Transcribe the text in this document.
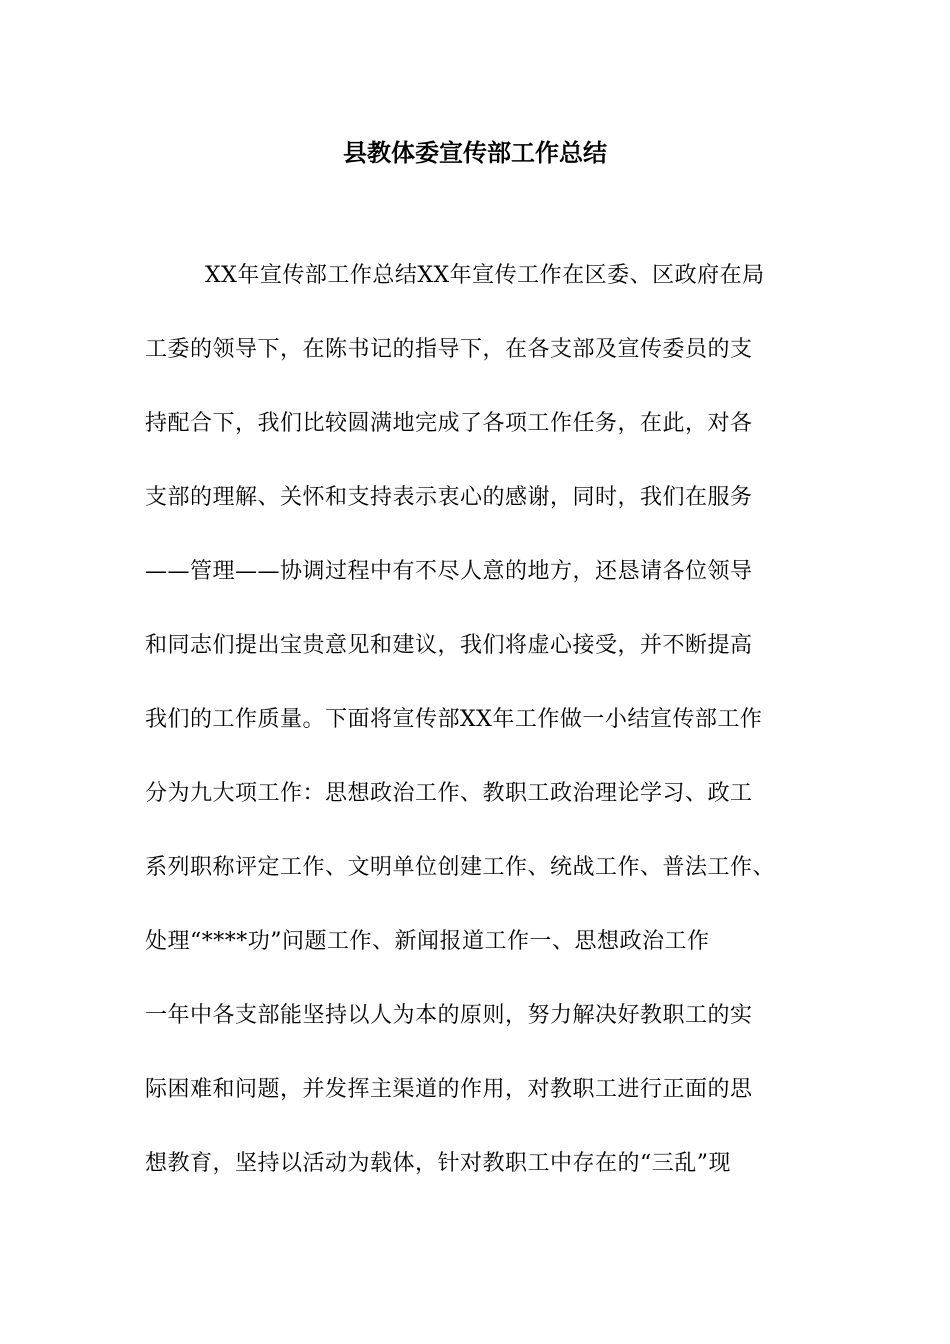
县教体委宣传部工作总结
XX年宣传部工作总结XX年宣传工作在区委、区政府在局
工委的领导下，在陈书记的指导下，在各支部及宣传委员的支
持配合下，我们比较圆满地完成了各项工作任务，在此，对各
支部的理解、关怀和支持表示衷心的感谢，同时，我们在服务
——管理——协调过程中有不尽人意的地方，还恳请各位领导
和同志们提出宝贵意见和建议，我们将虚心接受，并不断提高
我们的工作质量。下面将宣传部XX年工作做一小结宣传部工作
分为九大项工作：思想政治工作、教职工政治理论学习、政工
系列职称评定工作、文明单位创建工作、统战工作、普法工作、
处理“****功”问题工作、新闻报道工作一、思想政治工作
一年中各支部能坚持以人为本的原则，努力解决好教职工的实
际困难和问题，并发挥主渠道的作用，对教职工进行正面的思
想教育，坚持以活动为载体，针对教职工中存在的“三乱”现
